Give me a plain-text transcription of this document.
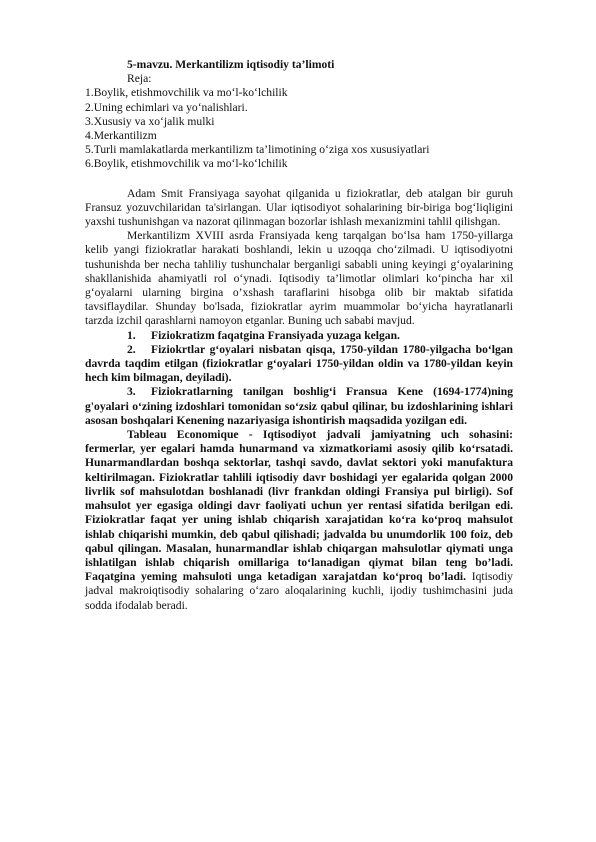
5-mavzu. Merkantilizm iqtisodiy ta’limoti
Reja:
1.Boylik, etishmovchilik va mo‘l-ko‘lchilik
2.Uning echimlari va yo‘nalishlari.
3.Xususiy va xo‘jalik mulki
4.Merkantilizm
5.Turli mamlakatlarda merkantilizm ta’limotining o‘ziga xos xususiyatlari
6.Boylik, etishmovchilik va mo‘l-ko‘lchilik
Adam Smit Fransiyaga sayohat qilganida u fiziokratlar, deb atalgan bir guruh Fransuz yozuvchilaridan ta'sirlangan. Ular iqtisodiyot sohalarining bir-biriga bog‘liqligini yaxshi tushunishgan va nazorat qilinmagan bozorlar ishlash mexanizmini tahlil qilishgan.
Merkantilizm XVIII asrda Fransiyada keng tarqalgan bo‘lsa ham 1750-yillarga kelib yangi fiziokratlar harakati boshlandi, lekin u uzoqqa cho‘zilmadi. U iqtisodiyotni tushunishda ber necha tahliliy tushunchalar berganligi sababli uning keyingi g‘oyalarining shakllanishida ahamiyatli rol o‘ynadi. Iqtisodiy ta’limotlar olimlari ko‘pincha har xil g‘oyalarni ularning birgina o’xshash taraflarini hisobga olib bir maktab sifatida tavsiflaydilar. Shunday bo'lsada, fiziokratlar ayrim muammolar bo‘yicha hayratlanarli tarzda izchil qarashlarni namoyon etganlar. Buning uch sababi mavjud.
1. Fiziokratizm faqatgina Fransiyada yuzaga kelgan.
2. Fiziokrtlar g‘oyalari nisbatan qisqa, 1750-yildan 1780-yilgacha bo‘lgan davrda taqdim etilgan (fiziokratlar g‘oyalari 1750-yildan oldin va 1780-yildan keyin hech kim bilmagan, deyiladi).
3. Fiziokratlarning tanilgan boshlig‘i Fransua Kene (1694-1774)ning g'oyalari o‘zining izdoshlari tomonidan so‘zsiz qabul qilinar, bu izdoshlarining ishlari asosan boshqalari Kenening nazariyasiga ishontirish maqsadida yozilgan edi.
Tableau Economique - Iqtisodiyot jadvali jamiyatning uch sohasini: fermerlar, yer egalari hamda hunarmand va xizmatkoriami asosiy qilib ko‘rsatadi. Hunarmandlardan boshqa sektorlar, tashqi savdo, davlat sektori yoki manufaktura keltirilmagan. Fiziokratlar tahlili iqtisodiy davr boshidagi yer egalarida qolgan 2000 livrlik sof mahsulotdan boshlanadi (livr frankdan oldingi Fransiya pul birligi). Sof mahsulot yer egasiga oldingi davr faoliyati uchun yer rentasi sifatida berilgan edi. Fiziokratlar faqat yer uning ishlab chiqarish xarajatidan ko‘ra ko‘proq mahsulot ishlab chiqarishi mumkin, deb qabul qilishadi; jadvalda bu unumdorlik 100 foiz, deb qabul qilingan. Masalan, hunarmandlar ishlab chiqargan mahsulotlar qiymati unga ishlatilgan ishlab chiqarish omillariga to‘lanadigan qiymat bilan teng bo’ladi. Faqatgina yeming mahsuloti unga ketadigan xarajatdan ko‘proq bo’ladi. Iqtisodiy jadval makroiqtisodiy sohalaring o‘zaro aloqalarining kuchli, ijodiy tushimchasini juda sodda ifodalab beradi.
